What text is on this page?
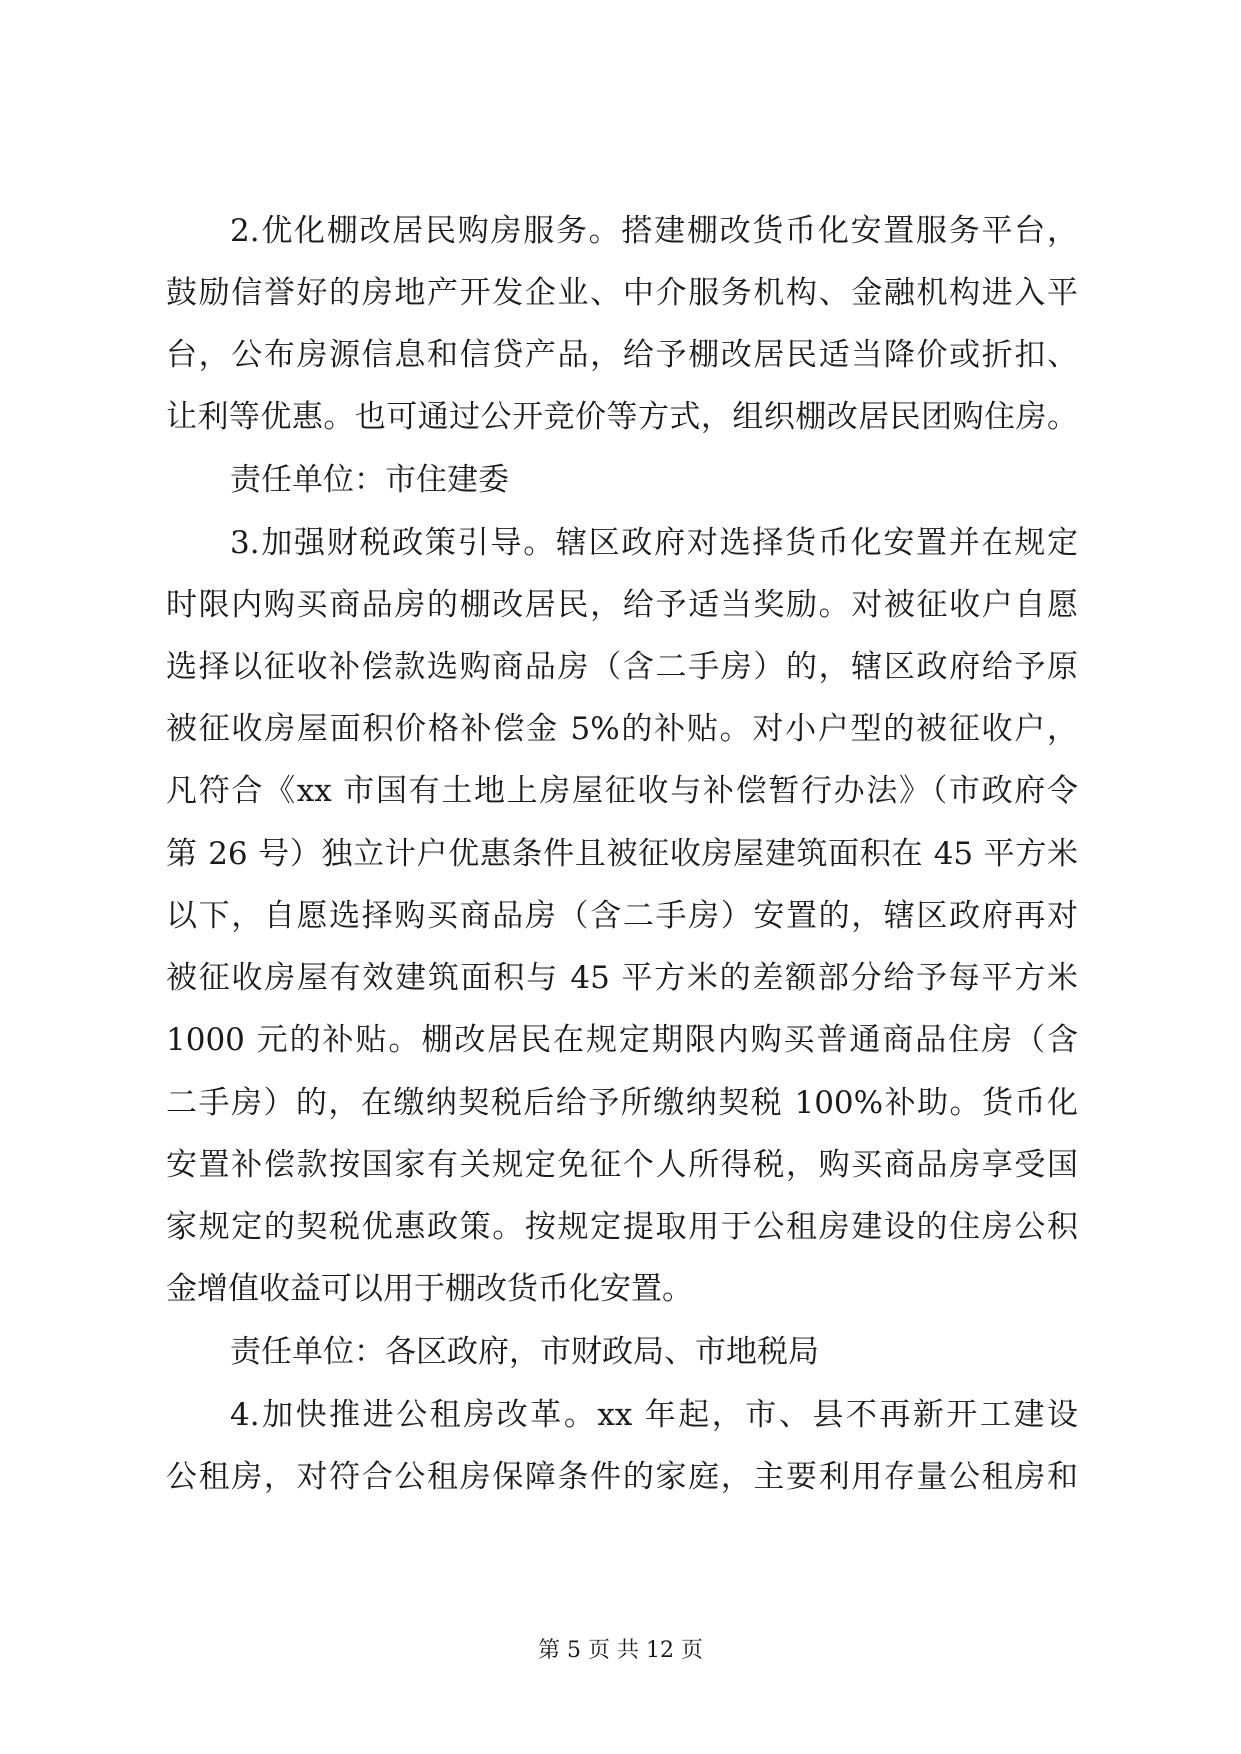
2.优化棚改居民购房服务。搭建棚改货币化安置服务平台，
鼓励信誉好的房地产开发企业、中介服务机构、金融机构进入平
台，公布房源信息和信贷产品，给予棚改居民适当降价或折扣、
让利等优惠。也可通过公开竞价等方式，组织棚改居民团购住房。
责任单位：市住建委
3.加强财税政策引导。辖区政府对选择货币化安置并在规定
时限内购买商品房的棚改居民，给予适当奖励。对被征收户自愿
选择以征收补偿款选购商品房（含二手房）的，辖区政府给予原
被征收房屋面积价格补偿金 5%的补贴。对小户型的被征收户，
凡符合《xx 市国有土地上房屋征收与补偿暂行办法》（市政府令
第 26 号）独立计户优惠条件且被征收房屋建筑面积在 45 平方米
以下，自愿选择购买商品房（含二手房）安置的，辖区政府再对
被征收房屋有效建筑面积与 45 平方米的差额部分给予每平方米
1000 元的补贴。棚改居民在规定期限内购买普通商品住房（含
二手房）的，在缴纳契税后给予所缴纳契税 100%补助。货币化
安置补偿款按国家有关规定免征个人所得税，购买商品房享受国
家规定的契税优惠政策。按规定提取用于公租房建设的住房公积
金增值收益可以用于棚改货币化安置。
责任单位：各区政府，市财政局、市地税局
4.加快推进公租房改革。xx 年起，市、县不再新开工建设
公租房，对符合公租房保障条件的家庭，主要利用存量公租房和
第 5 页 共 12 页
